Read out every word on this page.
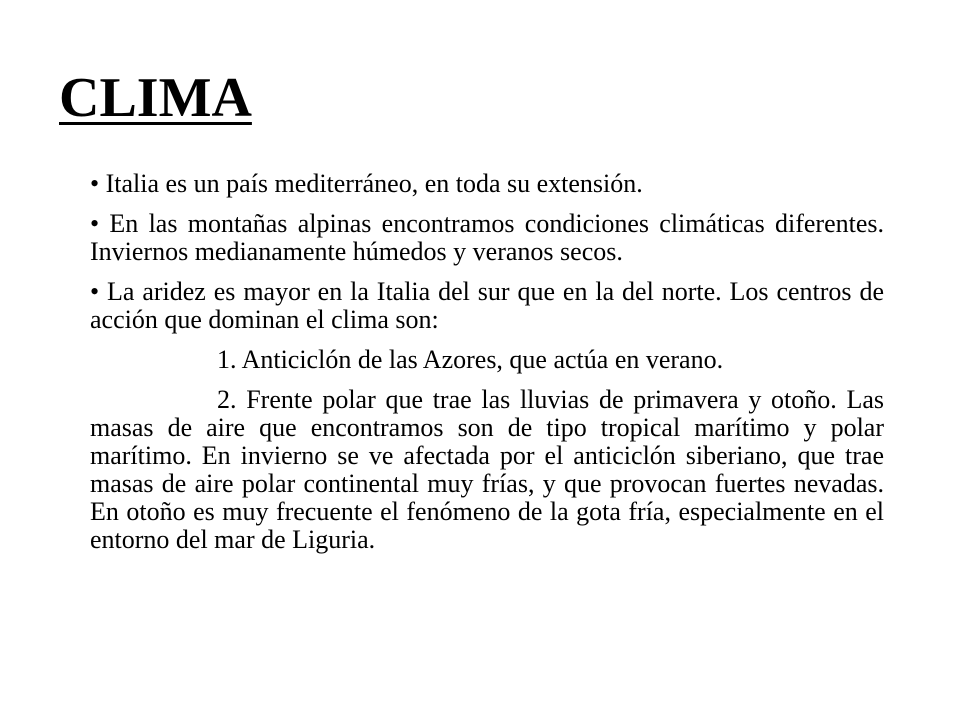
CLIMA

• Italia es un país mediterráneo, en toda su extensión.

• En las montañas alpinas encontramos condiciones climáticas diferentes. Inviernos medianamente húmedos y veranos secos.

• La aridez es mayor en la Italia del sur que en la del norte. Los centros de acción que dominan el clima son:

1. Anticiclón de las Azores, que actúa en verano.

2. Frente polar que trae las lluvias de primavera y otoño. Las masas de aire que encontramos son de tipo tropical marítimo y polar marítimo. En invierno se ve afectada por el anticiclón siberiano, que trae masas de aire polar continental muy frías, y que provocan fuertes nevadas. En otoño es muy frecuente el fenómeno de la gota fría, especialmente en el entorno del mar de Liguria.
